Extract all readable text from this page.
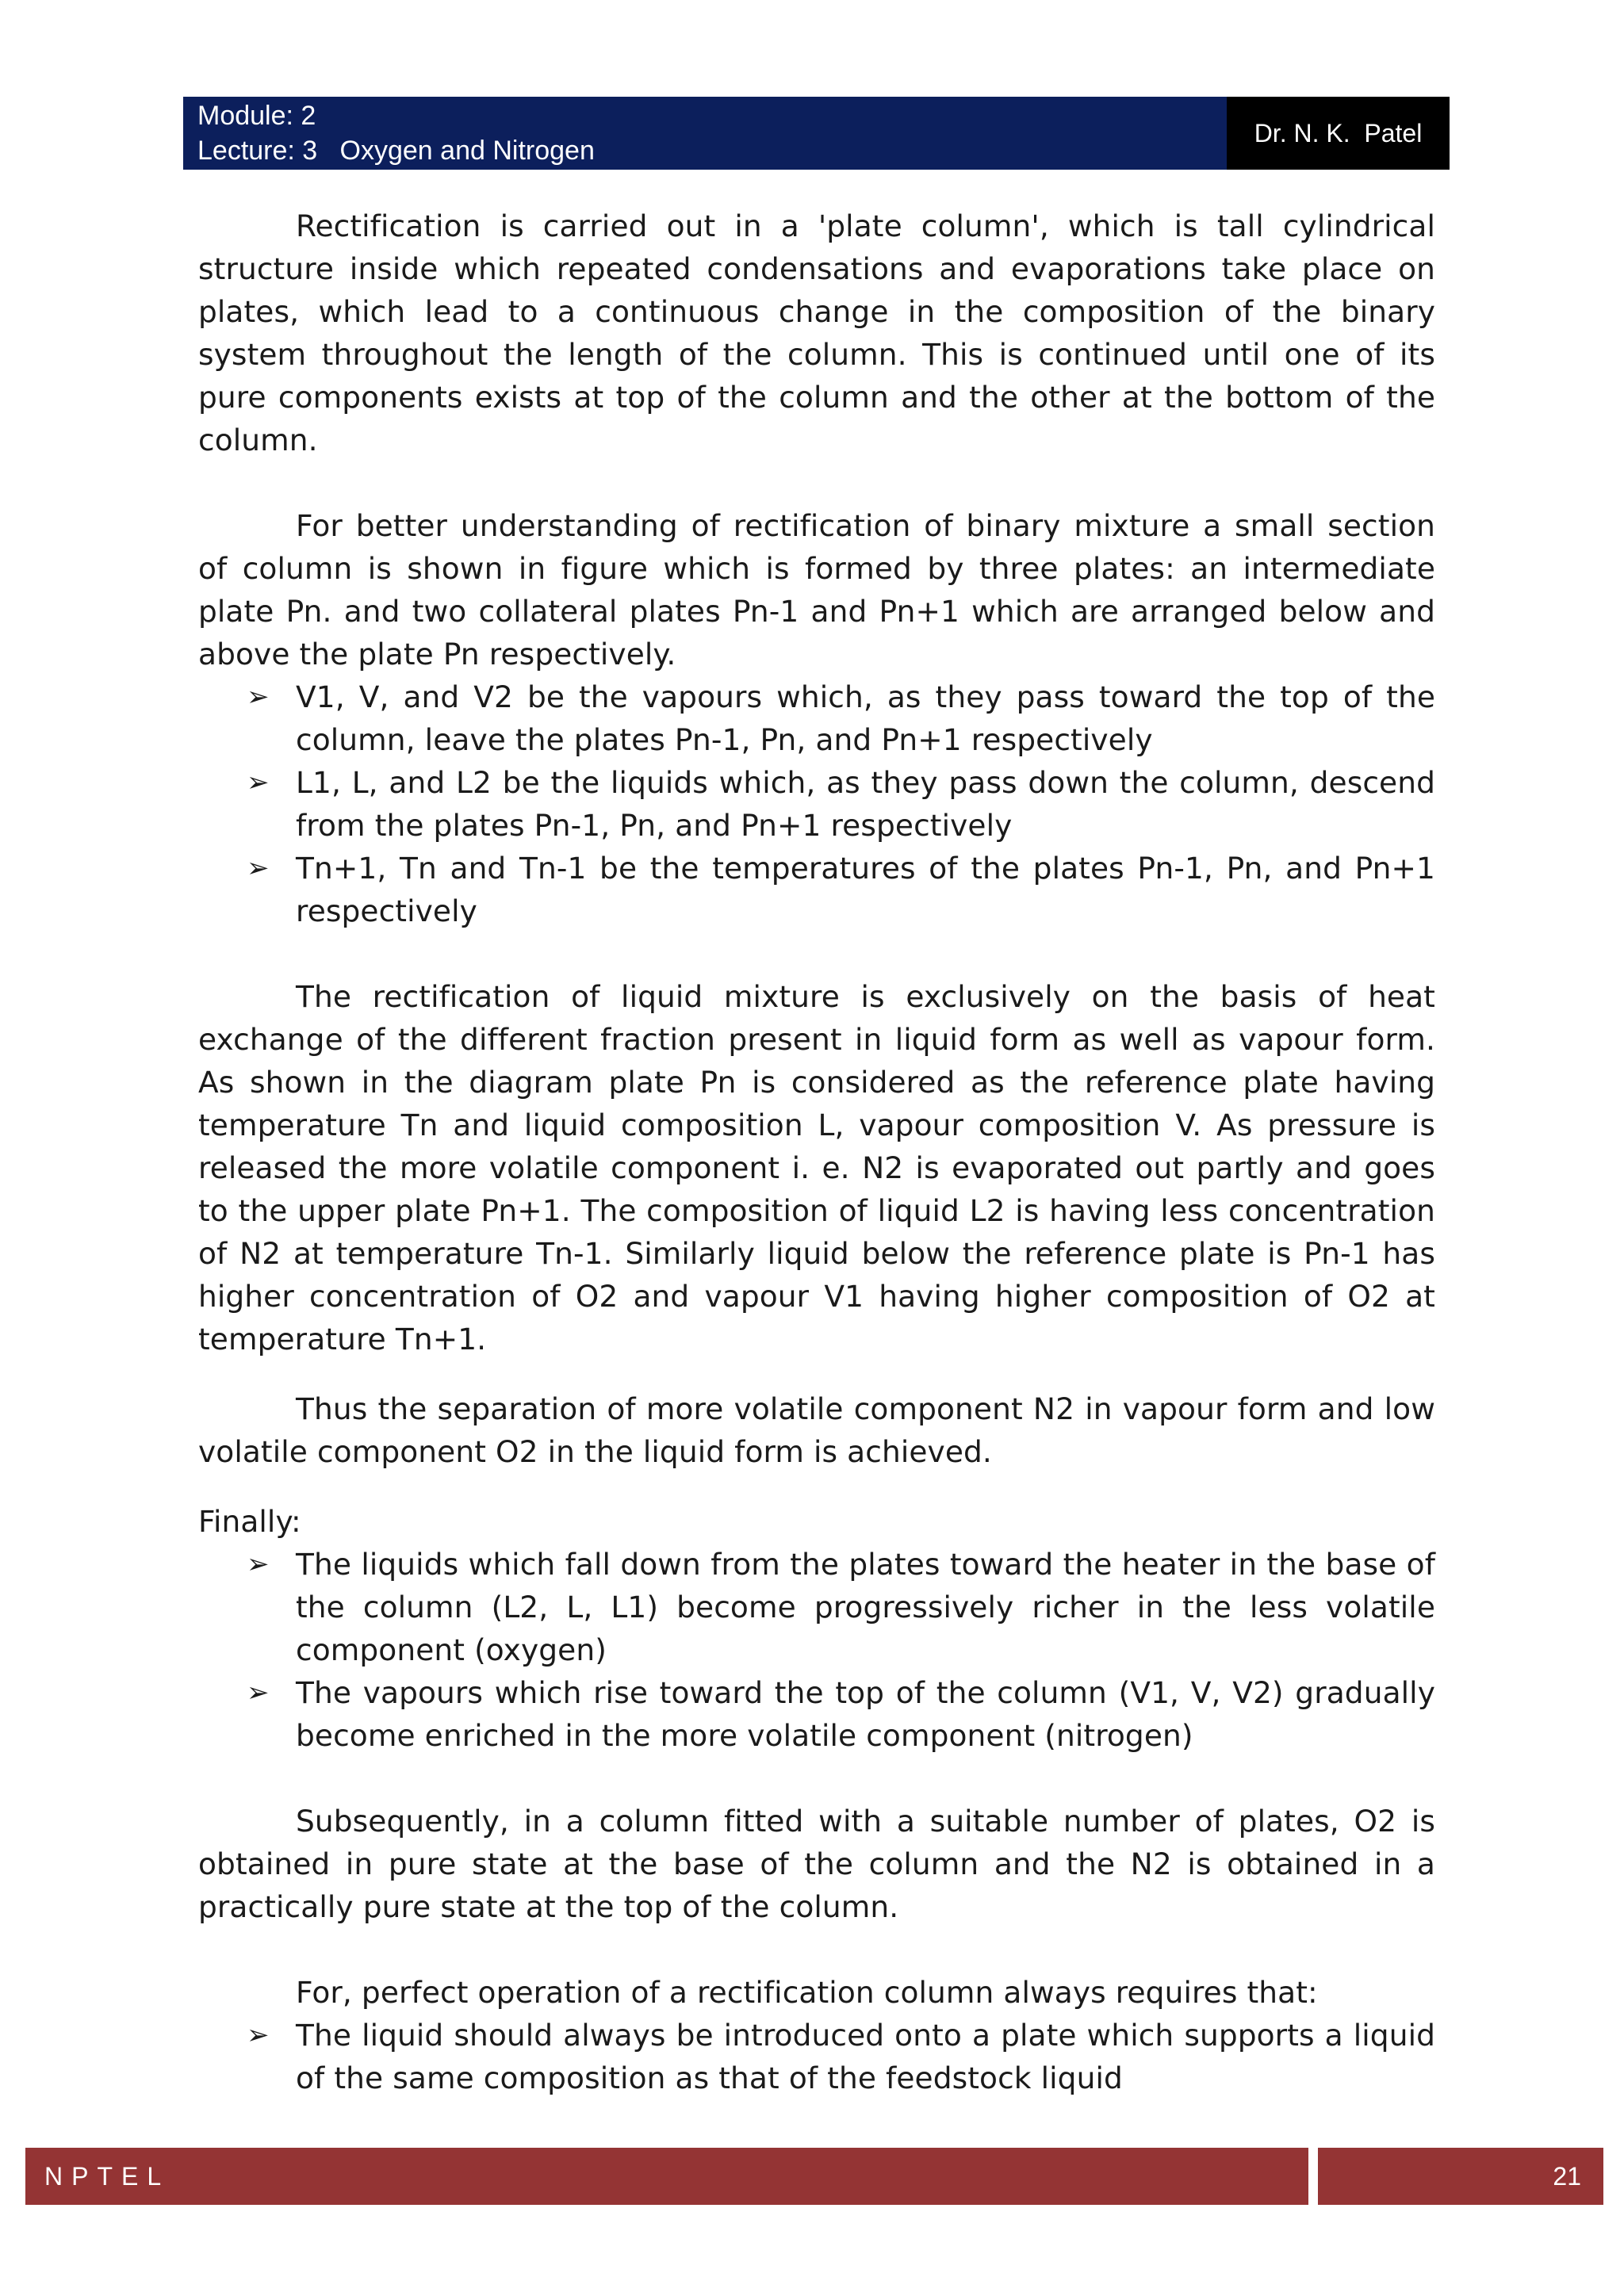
Module: 2
Lecture: 3   Oxygen and Nitrogen
Dr. N. K.  Patel

Rectification is carried out in a 'plate column', which is tall cylindrical structure inside which repeated condensations and evaporations take place on plates, which lead to a continuous change in the composition of the binary system throughout the length of the column. This is continued until one of its pure components exists at top of the column and the other at the bottom of the column.

For better understanding of rectification of binary mixture a small section of column is shown in figure which is formed by three plates: an intermediate plate Pn. and two collateral plates Pn-1 and Pn+1 which are arranged below and above the plate Pn respectively.

➢ V1, V, and V2 be the vapours which, as they pass toward the top of the column, leave the plates Pn-1, Pn, and Pn+1 respectively
➢ L1, L, and L2 be the liquids which, as they pass down the column, descend from the plates Pn-1, Pn, and Pn+1 respectively
➢ Tn+1, Tn and Tn-1 be the temperatures of the plates Pn-1, Pn, and Pn+1 respectively

The rectification of liquid mixture is exclusively on the basis of heat exchange of the different fraction present in liquid form as well as vapour form. As shown in the diagram plate Pn is considered as the reference plate having temperature Tn and liquid composition L, vapour composition V. As pressure is released the more volatile component i. e. N2 is evaporated out partly and goes to the upper plate Pn+1. The composition of liquid L2 is having less concentration of N2 at temperature Tn-1. Similarly liquid below the reference plate is Pn-1 has higher concentration of O2 and vapour V1 having higher composition of O2 at temperature Tn+1.

Thus the separation of more volatile component N2 in vapour form and low volatile component O2 in the liquid form is achieved.

Finally:

➢ The liquids which fall down from the plates toward the heater in the base of the column (L2, L, L1) become progressively richer in the less volatile component (oxygen)
➢ The vapours which rise toward the top of the column (V1, V, V2) gradually become enriched in the more volatile component (nitrogen)

Subsequently, in a column fitted with a suitable number of plates, O2 is obtained in pure state at the base of the column and the N2 is obtained in a practically pure state at the top of the column.

For, perfect operation of a rectification column always requires that:

➢ The liquid should always be introduced onto a plate which supports a liquid of the same composition as that of the feedstock liquid
NPTEL	21
